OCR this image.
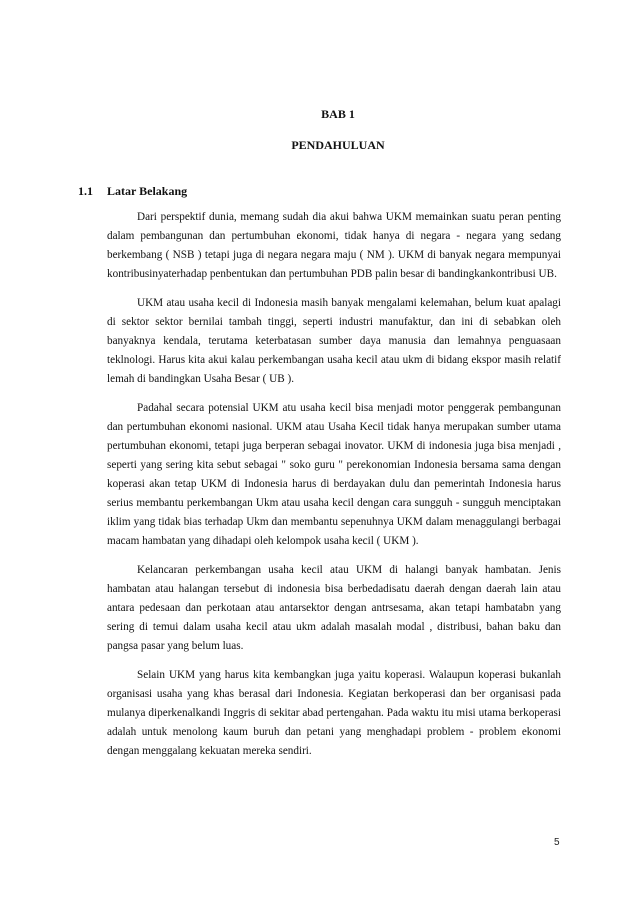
BAB 1
PENDAHULUAN
1.1 Latar Belakang

Dari perspektif dunia, memang sudah dia akui bahwa UKM memainkan suatu peran penting dalam pembangunan dan pertumbuhan ekonomi, tidak hanya di negara - negara yang sedang berkembang ( NSB ) tetapi juga di negara negara maju ( NM ). UKM di banyak negara mempunyai kontribusinyaterhadap penbentukan dan pertumbuhan PDB palin besar di bandingkankontribusi UB.

UKM atau usaha kecil di Indonesia masih banyak mengalami kelemahan, belum kuat apalagi di sektor sektor bernilai tambah tinggi, seperti industri manufaktur, dan ini di sebabkan oleh banyaknya kendala, terutama keterbatasan sumber daya manusia dan lemahnya penguasaan teklnologi. Harus kita akui kalau perkembangan usaha kecil atau ukm di bidang ekspor masih relatif lemah di bandingkan Usaha Besar ( UB ).

Padahal secara potensial UKM atu usaha kecil bisa menjadi motor penggerak pembangunan dan pertumbuhan ekonomi nasional. UKM atau Usaha Kecil tidak hanya merupakan sumber utama pertumbuhan ekonomi, tetapi juga berperan sebagai inovator. UKM di indonesia juga bisa menjadi , seperti yang sering kita sebut sebagai " soko guru " perekonomian Indonesia bersama sama dengan koperasi akan tetap UKM di Indonesia harus di berdayakan dulu dan pemerintah Indonesia harus serius membantu perkembangan Ukm atau usaha kecil dengan cara sungguh - sungguh menciptakan iklim yang tidak bias terhadap Ukm dan membantu sepenuhnya UKM dalam menaggulangi berbagai macam hambatan yang dihadapi oleh kelompok usaha kecil ( UKM ).

Kelancaran perkembangan usaha kecil atau UKM di halangi banyak hambatan. Jenis hambatan atau halangan tersebut di indonesia bisa berbedadisatu daerah dengan daerah lain atau antara pedesaan dan perkotaan atau antarsektor dengan antrsesama, akan tetapi hambatabn yang sering di temui dalam usaha kecil atau ukm adalah masalah modal , distribusi, bahan baku dan pangsa pasar yang belum luas.

Selain UKM yang harus kita kembangkan juga yaitu koperasi. Walaupun koperasi bukanlah organisasi usaha yang khas berasal dari Indonesia. Kegiatan berkoperasi dan ber organisasi pada mulanya diperkenalkandi Inggris di sekitar abad pertengahan. Pada waktu itu misi utama berkoperasi adalah untuk menolong kaum buruh dan petani yang menghadapi problem - problem ekonomi dengan menggalang kekuatan mereka sendiri.

5
